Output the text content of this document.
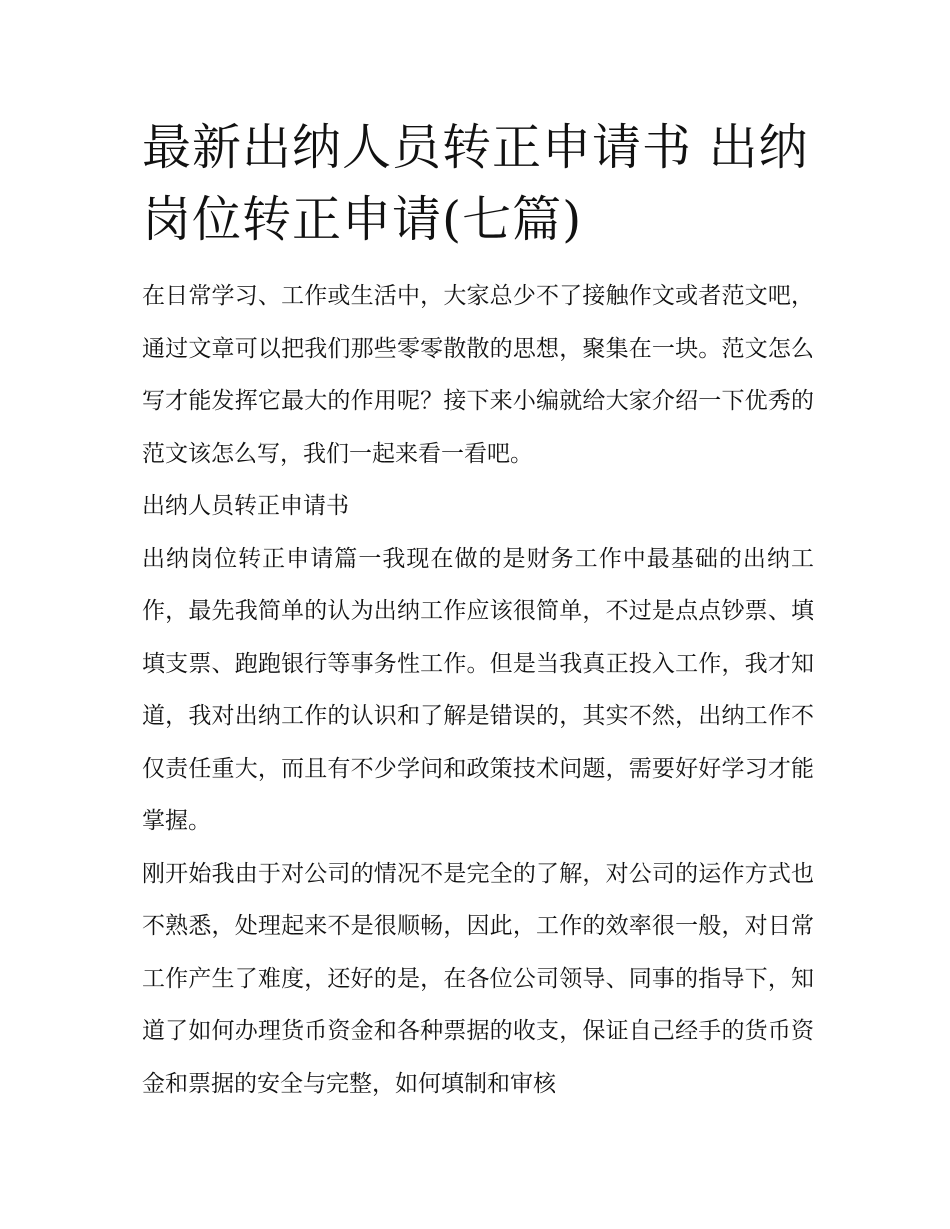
最新出纳人员转正申请书 出纳岗位转正申请(七篇)

在日常学习、工作或生活中，大家总少不了接触作文或者范文吧，通过文章可以把我们那些零零散散的思想，聚集在一块。范文怎么写才能发挥它最大的作用呢？接下来小编就给大家介绍一下优秀的范文该怎么写，我们一起来看一看吧。

出纳人员转正申请书

出纳岗位转正申请篇一我现在做的是财务工作中最基础的出纳工作，最先我简单的认为出纳工作应该很简单，不过是点点钞票、填填支票、跑跑银行等事务性工作。但是当我真正投入工作，我才知道，我对出纳工作的认识和了解是错误的，其实不然，出纳工作不仅责任重大，而且有不少学问和政策技术问题，需要好好学习才能掌握。

刚开始我由于对公司的情况不是完全的了解，对公司的运作方式也不熟悉，处理起来不是很顺畅，因此，工作的效率很一般，对日常工作产生了难度，还好的是，在各位公司领导、同事的指导下，知道了如何办理货币资金和各种票据的收支，保证自己经手的货币资金和票据的安全与完整，如何填制和审核
